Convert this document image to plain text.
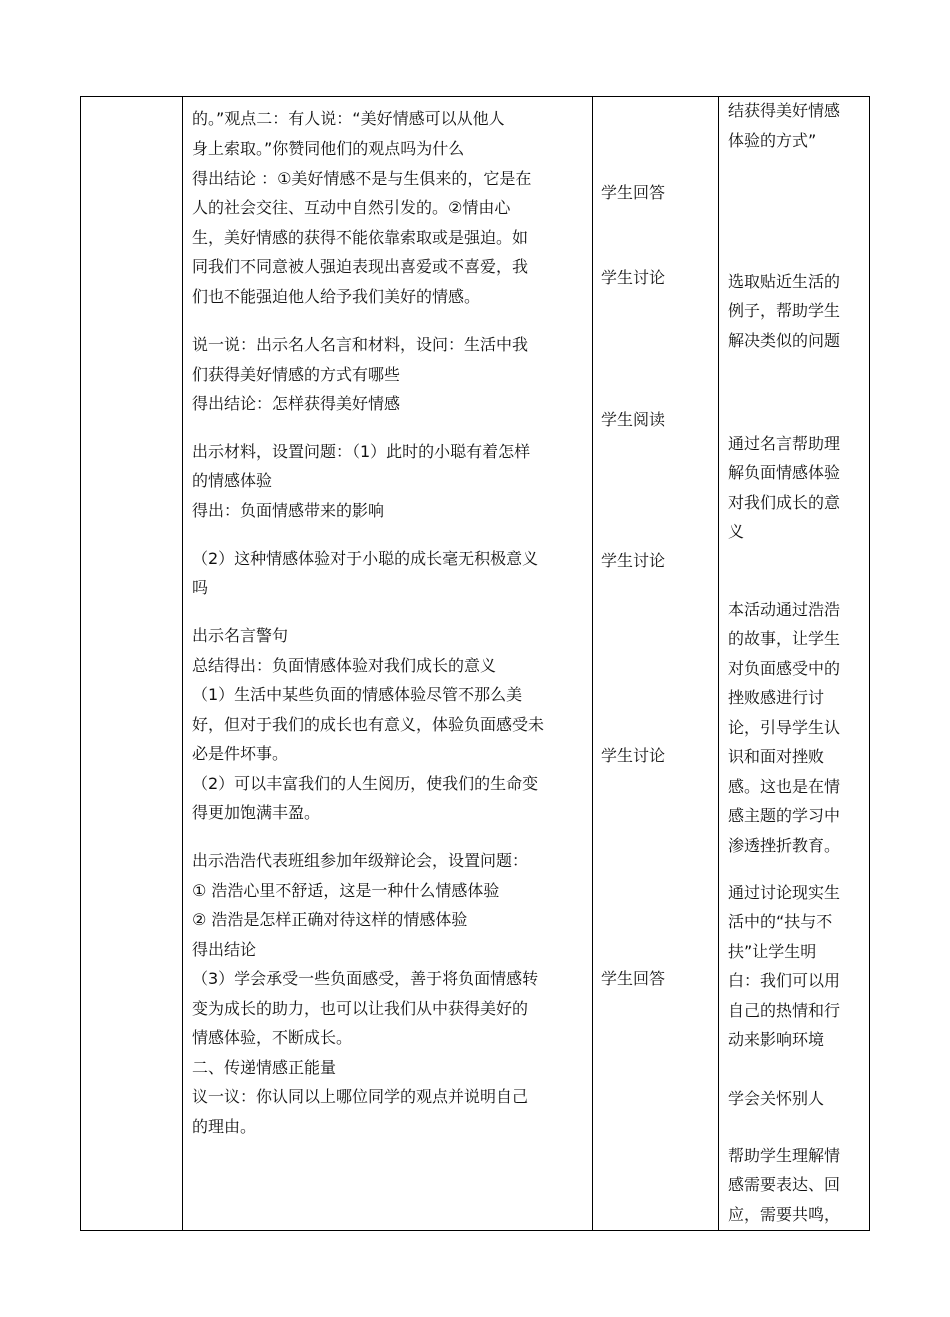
的。”观点二：有人说：“美好情感可以从他人
身上索取。”你赞同他们的观点吗为什么
得出结论 ：①美好情感不是与生俱来的，它是在
人的社会交往、互动中自然引发的。②情由心
生，美好情感的获得不能依靠索取或是强迫。如
同我们不同意被人强迫表现出喜爱或不喜爱，我
们也不能强迫他人给予我们美好的情感。
说一说：出示名人名言和材料，设问：生活中我
们获得美好情感的方式有哪些
得出结论：怎样获得美好情感
出示材料，设置问题：（1）此时的小聪有着怎样
的情感体验
得出：负面情感带来的影响
（2）这种情感体验对于小聪的成长毫无积极意义
吗
出示名言警句
总结得出：负面情感体验对我们成长的意义
（1）生活中某些负面的情感体验尽管不那么美
好，但对于我们的成长也有意义，体验负面感受未
必是件坏事。
（2）可以丰富我们的人生阅历，使我们的生命变
得更加饱满丰盈。
出示浩浩代表班组参加年级辩论会，设置问题：
① 浩浩心里不舒适，这是一种什么情感体验
② 浩浩是怎样正确对待这样的情感体验
得出结论
（3）学会承受一些负面感受，善于将负面情感转
变为成长的助力，也可以让我们从中获得美好的
情感体验，不断成长。
二、传递情感正能量
议一议：你认同以上哪位同学的观点并说明自己
的理由。
学生回答
学生讨论
学生阅读
学生讨论
学生讨论
学生回答
结获得美好情感
体验的方式”
选取贴近生活的
例子，帮助学生
解决类似的问题
通过名言帮助理
解负面情感体验
对我们成长的意
义
本活动通过浩浩
的故事，让学生
对负面感受中的
挫败感进行讨
论，引导学生认
识和面对挫败
感。这也是在情
感主题的学习中
渗透挫折教育。
通过讨论现实生
活中的“扶与不
扶”让学生明
白：我们可以用
自己的热情和行
动来影响环境
学会关怀别人
帮助学生理解情
感需要表达、回
应，需要共鸣，
